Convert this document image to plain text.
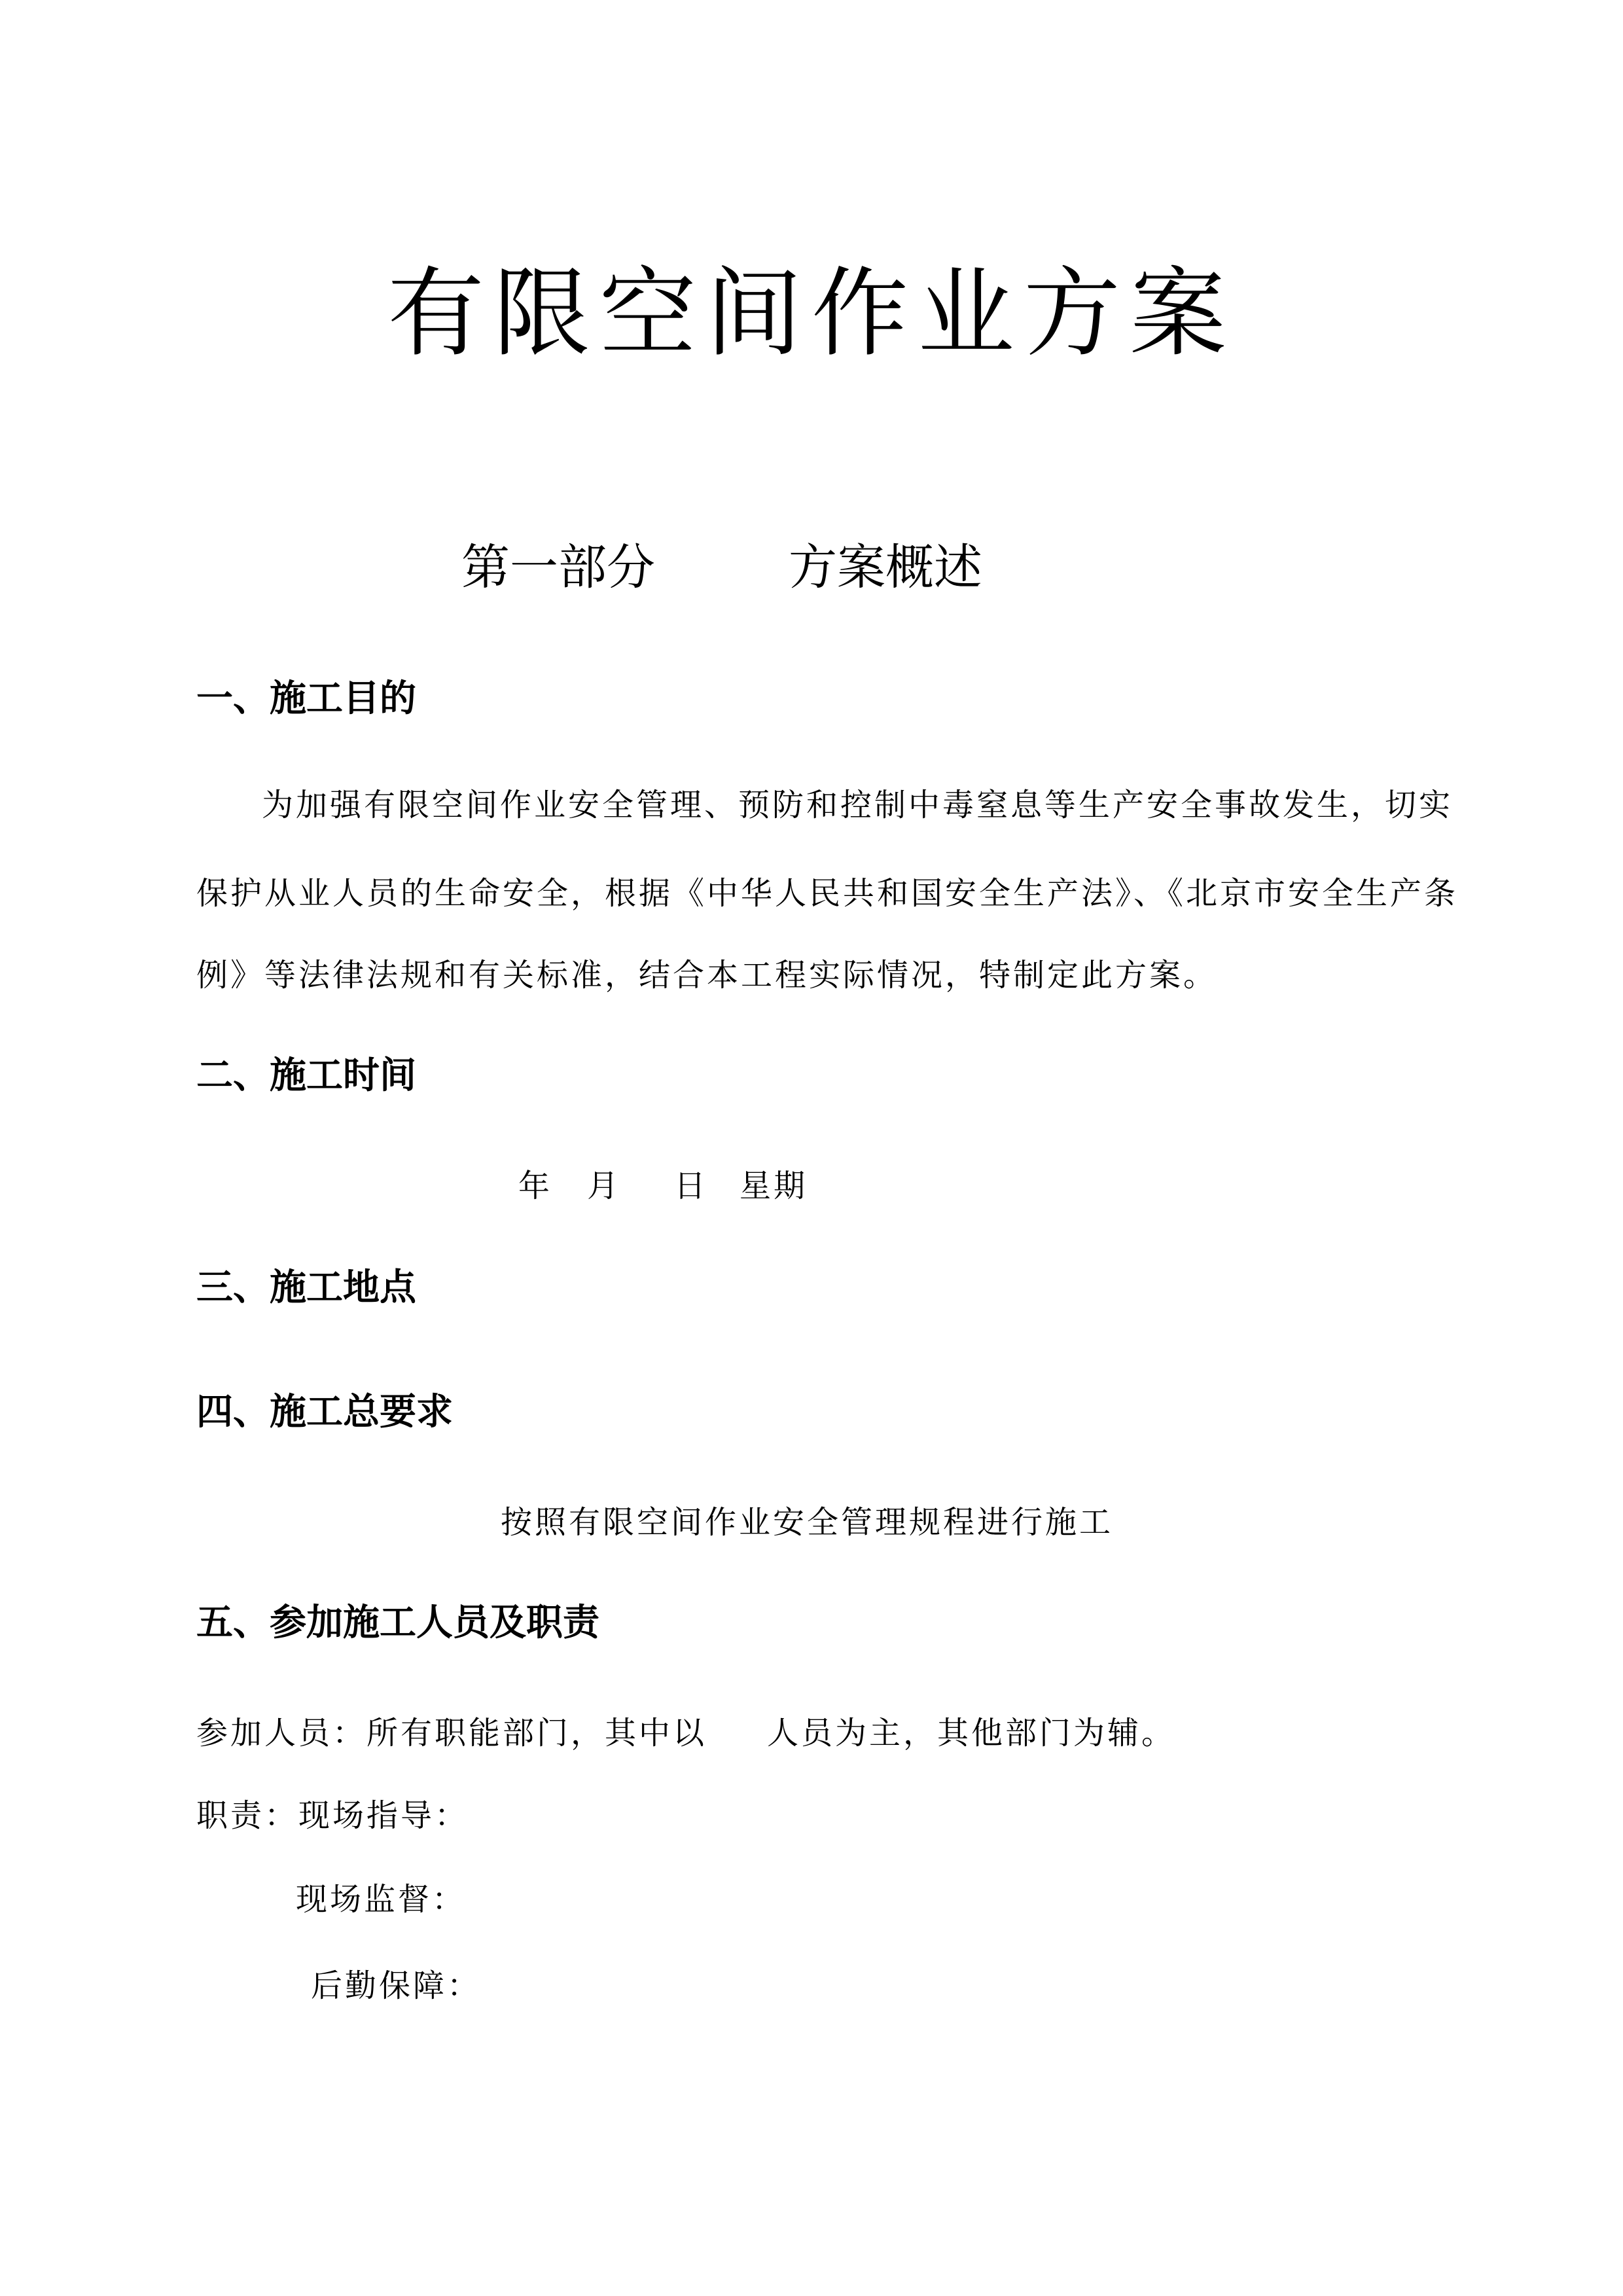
有限空间作业方案
第一部分	方案概述
一、施工目的
为加强有限空间作业安全管理、预防和控制中毒窒息等生产安全事故发生，切实
保护从业人员的生命安全，根据《中华人民共和国安全生产法》、《北京市安全生产条
例》等法律法规和有关标准，结合本工程实际情况，特制定此方案。
二、施工时间
年 月 日 星期
三、施工地点
四、施工总要求
按照有限空间作业安全管理规程进行施工
五、参加施工人员及职责
参加人员：所有职能部门，其中以 人员为主，其他部门为辅。
职责：现场指导：
现场监督：
后勤保障：
